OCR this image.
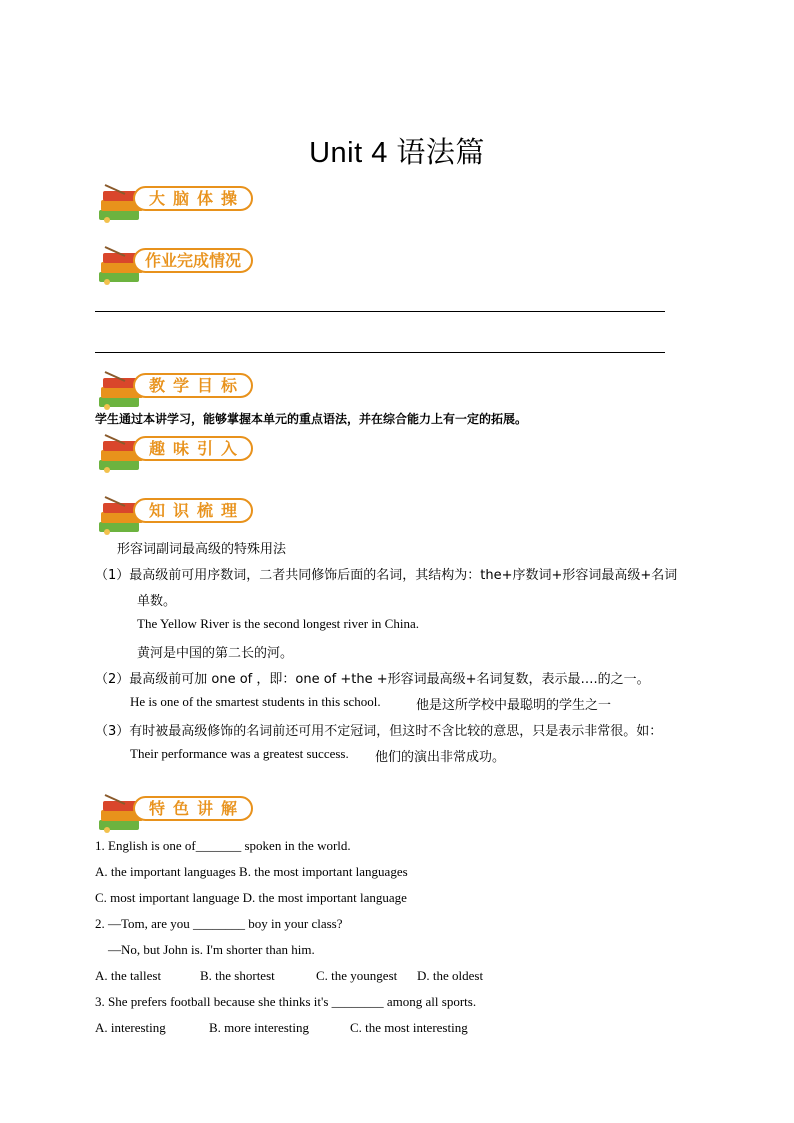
Unit 4 语法篇
大脑体操
作业完成情况
教学目标
学生通过本讲学习，能够掌握本单元的重点语法，并在综合能力上有一定的拓展。
趣味引入
知识梳理
形容词副词最高级的特殊用法
（1）最高级前可用序数词，二者共同修饰后面的名词，其结构为：the+序数词+形容词最高级+名词
单数。
The Yellow River is the second longest river in China.
黄河是中国的第二长的河。
（2）最高级前可加 one of ，即：one of +the +形容词最高级+名词复数，表示最….的之一。
He is one of the smartest students in this school.	他是这所学校中最聪明的学生之一
（3）有时被最高级修饰的名词前还可用不定冠词，但这时不含比较的意思，只是表示非常很。如：
Their performance was a greatest success. 他们的演出非常成功。
特色讲解
1. English is one of_______ spoken in the world.
A. the important languages B. the most important languages
C. most important language D. the most important language
2. —Tom, are you ________ boy in your class?
—No, but John is. I'm shorter than him.
A. the tallest	B. the shortest	C. the youngest D. the oldest
3. She prefers football because she thinks it's ________ among all sports.
A. interesting	B. more interesting	C. the most interesting
